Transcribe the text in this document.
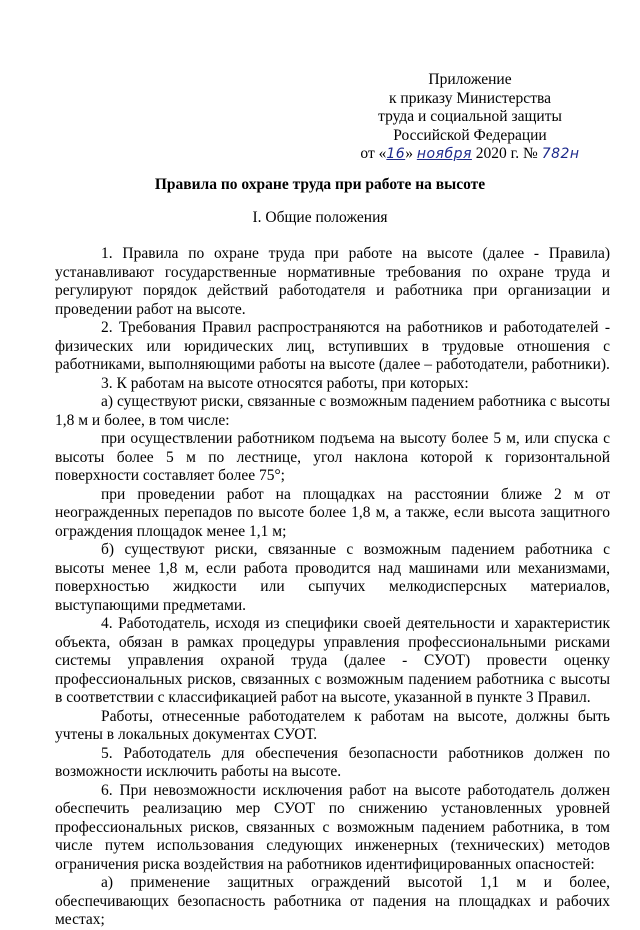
Приложение
к приказу Министерства
труда и социальной защиты
Российской Федерации
от «16» ноября 2020 г. № 782н
Правила по охране труда при работе на высоте
I. Общие положения

1. Правила по охране труда при работе на высоте (далее - Правила) устанавливают государственные нормативные требования по охране труда и регулируют порядок действий работодателя и работника при организации и проведении работ на высоте.

2. Требования Правил распространяются на работников и работодателей - физических или юридических лиц, вступивших в трудовые отношения с работниками, выполняющими работы на высоте (далее – работодатели, работники).

3. К работам на высоте относятся работы, при которых:

а) существуют риски, связанные с возможным падением работника с высоты 1,8 м и более, в том числе:

при осуществлении работником подъема на высоту более 5 м, или спуска с высоты более 5 м по лестнице, угол наклона которой к горизонтальной поверхности составляет более 75°;

при проведении работ на площадках на расстоянии ближе 2 м от неогражденных перепадов по высоте более 1,8 м, а также, если высота защитного ограждения площадок менее 1,1 м;

б) существуют риски, связанные с возможным падением работника с высоты менее 1,8 м, если работа проводится над машинами или механизмами, поверхностью жидкости или сыпучих мелкодисперсных материалов, выступающими предметами.

4. Работодатель, исходя из специфики своей деятельности и характеристик объекта, обязан в рамках процедуры управления профессиональными рисками системы управления охраной труда (далее - СУОТ) провести оценку профессиональных рисков, связанных с возможным падением работника с высоты в соответствии с классификацией работ на высоте, указанной в пункте 3 Правил.

Работы, отнесенные работодателем к работам на высоте, должны быть учтены в локальных документах СУОТ.

5. Работодатель для обеспечения безопасности работников должен по возможности исключить работы на высоте.

6. При невозможности исключения работ на высоте работодатель должен обеспечить реализацию мер СУОТ по снижению установленных уровней профессиональных рисков, связанных с возможным падением работника, в том числе путем использования следующих инженерных (технических) методов ограничения риска воздействия на работников идентифицированных опасностей:

а) применение защитных ограждений высотой 1,1 м и более, обеспечивающих безопасность работника от падения на площадках и рабочих местах;
